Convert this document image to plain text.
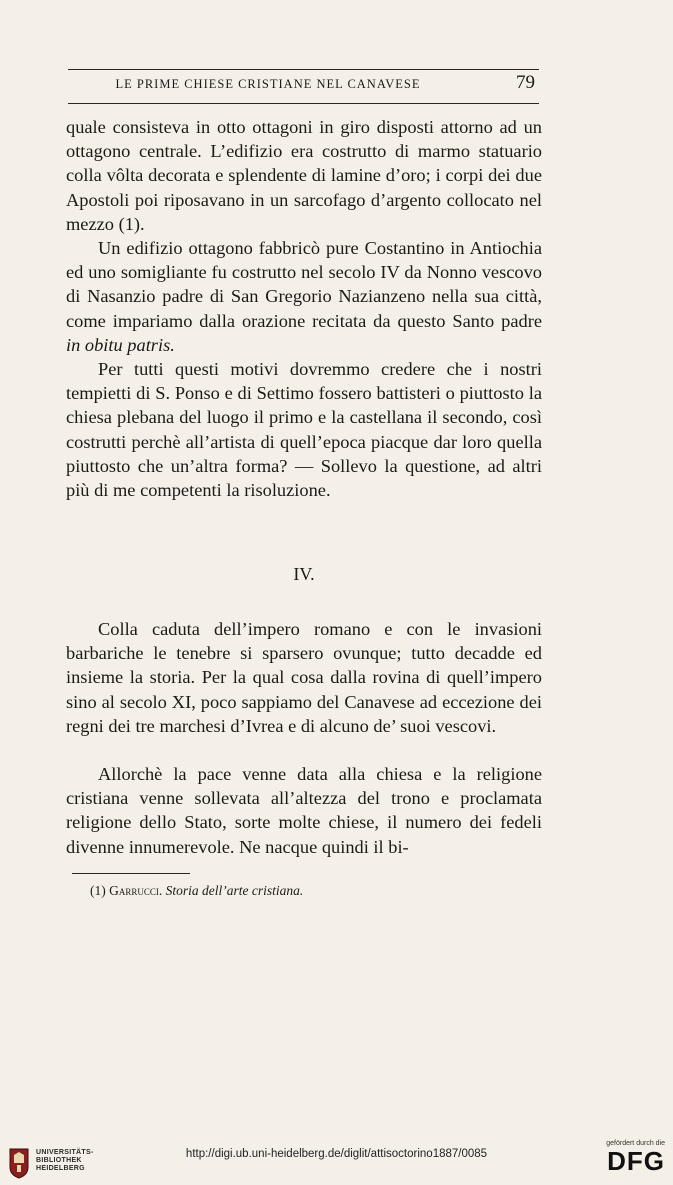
LE PRIME CHIESE CRISTIANE NEL CANAVESE	79

quale consisteva in otto ottagoni in giro disposti attorno ad un ottagono centrale. L’edifizio era costrutto di marmo statuario colla vôlta decorata e splendente di lamine d’oro; i corpi dei due Apostoli poi riposavano in un sarcofago d’argento collocato nel mezzo (1).

Un edifizio ottagono fabbricò pure Costantino in Antiochia ed uno somigliante fu costrutto nel secolo IV da Nonno vescovo di Nasanzio padre di San Gregorio Nazianzeno nella sua città, come impariamo dalla orazione recitata da questo Santo padre in obitu patris.

Per tutti questi motivi dovremmo credere che i nostri tempietti di S. Ponso e di Settimo fossero battisteri o piuttosto la chiesa plebana del luogo il primo e la castellana il secondo, così costrutti perchè all’artista di quell’epoca piacque dar loro quella piuttosto che un’altra forma? — Sollevo la questione, ad altri più di me competenti la risoluzione.

IV.

Colla caduta dell’impero romano e con le invasioni barbariche le tenebre si sparsero ovunque; tutto decadde ed insieme la storia. Per la qual cosa dalla rovina di quell’impero sino al secolo XI, poco sappiamo del Canavese ad eccezione dei regni dei tre marchesi d’Ivrea e di alcuno de’ suoi vescovi.

Allorchè la pace venne data alla chiesa e la religione cristiana venne sollevata all’altezza del trono e proclamata religione dello Stato, sorte molte chiese, il numero dei fedeli divenne innumerevole. Ne nacque quindi il bi-

(1) Garrucci. Storia dell’arte cristiana.
UNIVERSITÄTS-
BIBLIOTHEK
HEIDELBERG
http://digi.ub.uni-heidelberg.de/diglit/attisoctorino1887/0085
gefördert durch die
DFG
